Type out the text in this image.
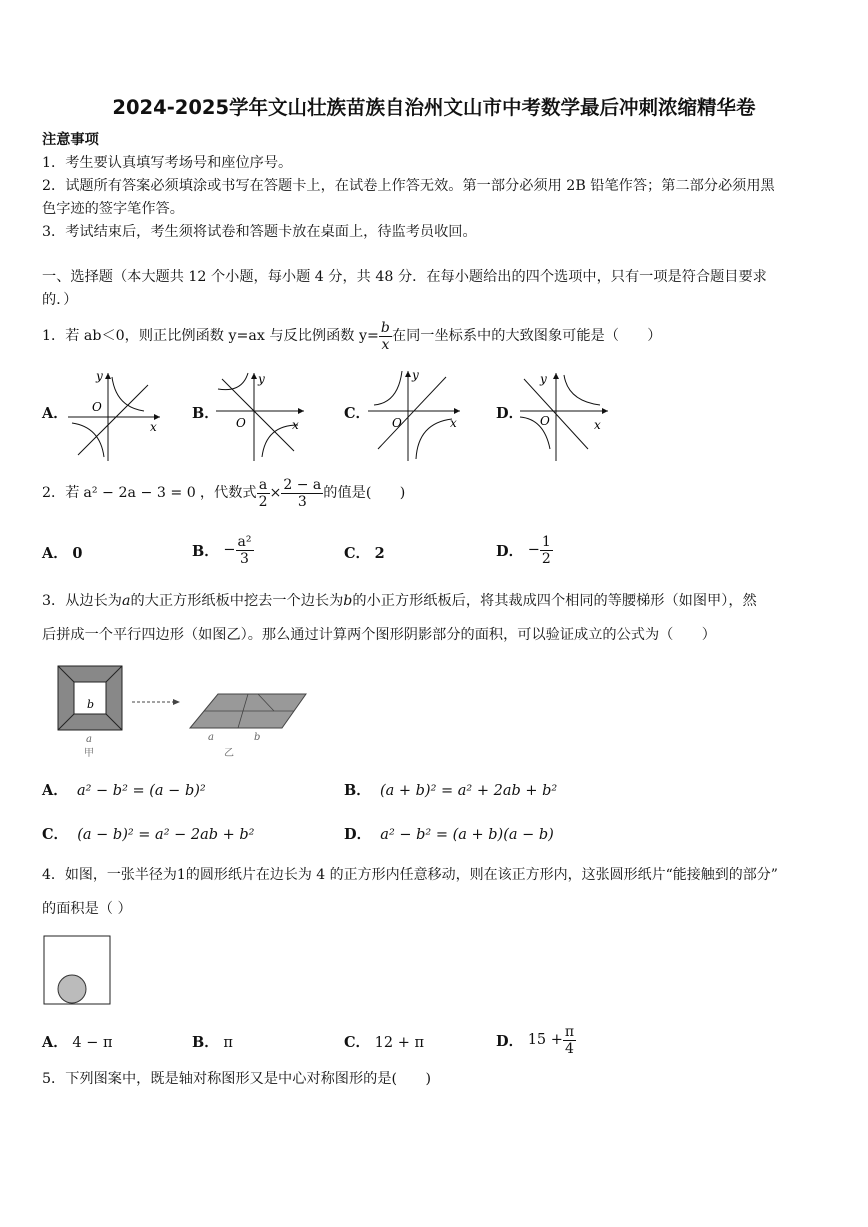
2024-2025学年文山壮族苗族自治州文山市中考数学最后冲刺浓缩精华卷
注意事项
1．考生要认真填写考场号和座位序号。
2．试题所有答案必须填涂或书写在答题卡上，在试卷上作答无效。第一部分必须用 2B 铅笔作答；第二部分必须用黑
色字迹的签字笔作答。
3．考试结束后，考生须将试卷和答题卡放在桌面上，待监考员收回。
一、选择题（本大题共 12 个小题，每小题 4 分，共 48 分．在每小题给出的四个选项中，只有一项是符合题目要求
的．）
1．若 ab＜0，则正比例函数 y=ax 与反比例函数 $y= \frac{b}{x}$ 在同一坐标系中的大致图象可能是（　　）
A．
y
x
O	B．
y
x
O
C．
y
x
O
D．
y
x
O
2．若 a² − 2a − 3 = 0 ，代数式 $\frac{a}{2} \times \frac{2 - a}{3}$ 的值是(　　)
A． 0	B．
− $\frac{\text{a²}}{3}$	C． 2	D．
− $\frac{1}{2}$
3．从边长为a的大正方形纸板中挖去一个边长为b的小正方形纸板后，将其裁成四个相同的等腰梯形（如图甲），然
后拼成一个平行四边形（如图乙）。那么通过计算两个图形阴影部分的面积，可以验证成立的公式为（　　）
b
a
甲
a	b
乙
A． a² − b² = (a − b)²	B． (a + b)² = a² + 2ab + b²
C． (a − b)² = a² − 2ab + b²	D． a² − b² = (a + b)(a − b)
4．如图，一张半径为1的圆形纸片在边长为 4 的正方形内任意移动，则在该正方形内，这张圆形纸片“能接触到的部分”
的面积是（ ）
A． 4 − π	B． π	C． 12 + π	D．
$15 + \frac{\pi}{4}$
5．下列图案中，既是轴对称图形又是中心对称图形的是(　　)
